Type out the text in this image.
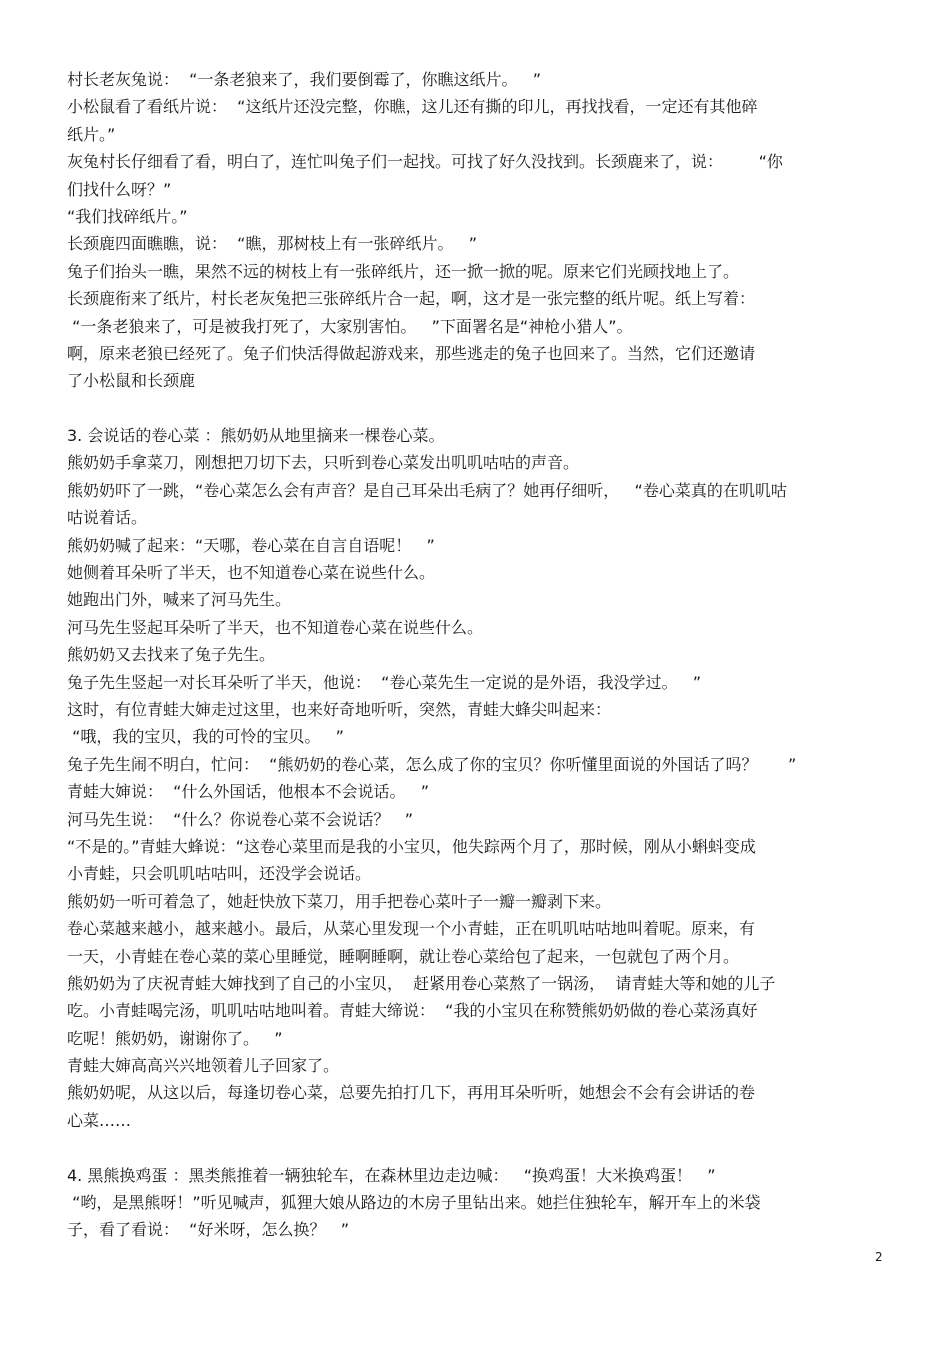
村长老灰兔说：  “一条老狼来了，我们要倒霉了，你瞧这纸片。   ”
小松鼠看了看纸片说：  “这纸片还没完整，你瞧，这儿还有撕的印儿，再找找看，一定还有其他碎
纸片。”
灰兔村长仔细看了看，明白了，连忙叫兔子们一起找。可找了好久没找到。长颈鹿来了，说：       “你
们找什么呀？”
“我们找碎纸片。”
长颈鹿四面瞧瞧，说：  “瞧，那树枝上有一张碎纸片。   ”
兔子们抬头一瞧，果然不远的树枝上有一张碎纸片，还一掀一掀的呢。原来它们光顾找地上了。
长颈鹿衔来了纸片，村长老灰兔把三张碎纸片合一起，啊，这才是一张完整的纸片呢。纸上写着：
“一条老狼来了，可是被我打死了，大家别害怕。   ”下面署名是“神枪小猎人”。
啊，原来老狼已经死了。兔子们快活得做起游戏来，那些逃走的兔子也回来了。当然，它们还邀请
了小松鼠和长颈鹿
3. 会说话的卷心菜 ：熊奶奶从地里摘来一棵卷心菜。
熊奶奶手拿菜刀，刚想把刀切下去，只听到卷心菜发出叽叽咕咕的声音。
熊奶奶吓了一跳，“卷心菜怎么会有声音？是自己耳朵出毛病了？她再仔细听，   “卷心菜真的在叽叽咕
咕说着话。
熊奶奶喊了起来：“天哪，卷心菜在自言自语呢！   ”
她侧着耳朵听了半天，也不知道卷心菜在说些什么。
她跑出门外，喊来了河马先生。
河马先生竖起耳朵听了半天，也不知道卷心菜在说些什么。
熊奶奶又去找来了兔子先生。
兔子先生竖起一对长耳朵听了半天，他说：  “卷心菜先生一定说的是外语，我没学过。   ”
这时，有位青蛙大婶走过这里，也来好奇地听听，突然，青蛙大蜂尖叫起来：
“哦，我的宝贝，我的可怜的宝贝。   ”
兔子先生闹不明白，忙问：  “熊奶奶的卷心菜，怎么成了你的宝贝？你听懂里面说的外国话了吗？      ”
青蛙大婶说：  “什么外国话，他根本不会说话。   ”
河马先生说：  “什么？你说卷心菜不会说话？   ”
“不是的。”青蛙大蜂说：“这卷心菜里而是我的小宝贝，他失踪两个月了，那时候，刚从小蝌蚪变成
小青蛙，只会叽叽咕咕叫，还没学会说话。
熊奶奶一听可着急了，她赶快放下菜刀，用手把卷心菜叶子一瓣一瓣剥下来。
卷心菜越来越小，越来越小。最后，从菜心里发现一个小青蛙，正在叽叽咕咕地叫着呢。原来，有
一天，小青蛙在卷心菜的菜心里睡觉，睡啊睡啊，就让卷心菜给包了起来，一包就包了两个月。
熊奶奶为了庆祝青蛙大婶找到了自己的小宝贝，  赶紧用卷心菜熬了一锅汤，  请青蛙大等和她的儿子
吃。小青蛙喝完汤，叽叽咕咕地叫着。青蛙大缔说：  “我的小宝贝在称赞熊奶奶做的卷心菜汤真好
吃呢！熊奶奶，谢谢你了。   ”
青蛙大婶高高兴兴地领着儿子回家了。
熊奶奶呢，从这以后，每逢切卷心菜，总要先拍打几下，再用耳朵听听，她想会不会有会讲话的卷
心菜……
4. 黑熊换鸡蛋 ：黑类熊推着一辆独轮车，在森林里边走边喊：   “换鸡蛋！大米换鸡蛋！   ”
“哟，是黑熊呀！”听见喊声，狐狸大娘从路边的木房子里钻出来。她拦住独轮车，解开车上的米袋
子，看了看说：  “好米呀，怎么换？   ”
2
